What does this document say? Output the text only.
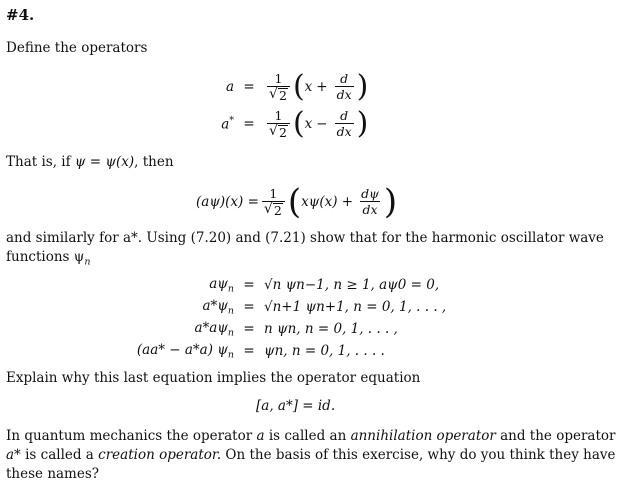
#4.
Define the operators
a = 1
√ 2 ( $x + \frac{d}{dx}$ )
a* = 1
√ 2 ( $x - \frac{d}{dx}$ )
That is, if ψ = ψ(x), then
(aψ)(x) = 1
√ 2 ( $x\psi(x) + \frac{d\psi}{dx}$ )
and similarly for a*. Using (7.20) and (7.21) show that for the harmonic oscillator wave
functions $\psi_n$
$a\psi_n = √n$ ψn−1, n ≥ 1, aψ0 = 0,
$a*\psi_n = √n+1$ ψn+1, n = 0, 1, . . . ,
$a*a\psi_n = n$ ψn, n = 0, 1, . . . ,
(aa* − a*a) $\psi_n = \psi n$, n = 0, 1, . . . .
Explain why this last equation implies the operator equation
[a, a*] = id.
In quantum mechanics the operator a is called an annihilation operator and the operator
a* is called a creation operator. On the basis of this exercise, why do you think they have
these names?
